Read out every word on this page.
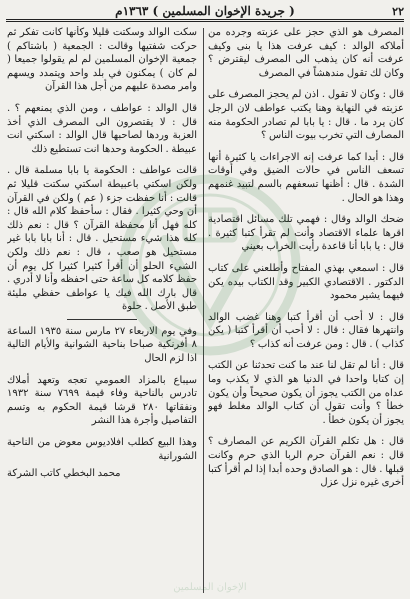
٢٢
( جريدة الإخوان المسلمين ) ١٣٦٣م

المصرف هو الذي حجز على عزبته وجرده من أملاكه الوالد : كيف عرفت هذا يا بنى وكيف عرفت أنه كان يذهب الى المصرف ليقترض ؟ وكان لك تقول مندهشاً في المصرف

قال : وكان لا تقول . اذن لم يحجز المصرف على عزبته في النهاية وهنا يكتب عواطف لان الرجل كان يرد ما . قال : يا بابا لم تصادر الحكومة منه المصارف التي تخرب بيوت الناس ؟

قال : أبدا كما عرفت إنه الاجراءات يا كثيرة أنها تسعف الناس في حالات الضيق وفي أوقات الشدة . قال : أظنها تسعفهم بالسم لتبيد غنمهم وهذا هو الحال .

ضحك الوالد وقال : فهمي تلك مسائل اقتصادية اقرها علماء الاقتصاد وأنت لم تقرأ كتبا كثيرة . قال : يا بابا أنا قاعدة رأيت الخراب بعيني

قال : اسمعي بهذي المفتاح وأطلعني على كتاب الدكتور . الاقتصادي الكبير وقد الكتاب بيده يكن فيهما يشير محمود

قال : لا أحب أن أقرأ كتبا وهنا غضب الوالد وانتهرها فقال : قال : لا أحب أن أقرأ كتبا ( يكن كذاب ) . قال : ومن عرفت أنه كذاب ؟

قال : أنا لم تقل لنا عند ما كنت تحدثنا عن الكتب إن كتابا واحدا في الدنيا هو الذي لا يكذب وما عداه من الكتب يجوز أن يكون صحيحاً وأن يكون خطأ ؟ وأنت تقول أن كتاب الوالد مغلط فهو يجوز أن يكون خطأ .

قال : هل تكلم القرآن الكريم عن المصارف ؟ قال : نعم القرآن حرم الربا الذي حرم وكانت قبلها . قال : هو الصادق وحده أبدا إذا لم أقرأ كتبا أخرى غيره نزل عزل

سكت الوالد وسكتت قليلا وكأنها كانت تفكر ثم حركت شفتيها وقالت : الجمعية ( باشتاكم ) جمعية الإخوان المسلمين لم لم يقولوا جميعا ( لم كان ) يمكنون في بلد واحد ويتمدد ويسهم وامر مصدة عليهم من أجل هذا القرآن

قال الوالد : عواطف ، ومن الذي يمنعهم ؟ . قال : لا يقتصرون الى المصرف الذي أخذ العزبة وردها لصاحبها قال الوالد : اسكتي انت عبيطة . الحكومة وحدها انت تستطيع ذلك

قالت عواطف : الحكومة يا بابا مسلمة قال . ولكن اسكتي باعبيطة اسكتي سكتت قليلا ثم قالت : أنا حفظت جزء ( عم ) ولكن في القرآن أن وحي كثيرا . فقال : سأحفظ كلام الله قال : كله فهل أنا محفظة القرآن ؟ قال : نعم ذلك كله هذا شيء مستحيل . قال : أنا بابا بابا غير مستحيل هو صعب ، قال : نعم ذلك ولكن الشيء الحلو أن أقرأ كثيرا كثيرا كل يوم أن حفظ كلامه كل ساعة حتى احفظه وأنا لا أدري . قال بارك الله فيك يا عواطف حفظي مليئة طبق الأصل . حلوة

وفي يوم الاربعاء ٢٧ مارس سنة ١٩٣٥ الساعة ٨ أفرنكية صباحا بناحية الشوانية والأيام التالية اذا لزم الحال

سيباع بالمزاد العمومي تعجه وتعهد أملاك تادرس بالناحية وفاء قيمة ٧٦٩٩ سنة ١٩٣٢ ونفقاتها ٢٨٠ قرشا قيمة الحكوم به وتسم التفاصيل وأجرة هذا النشر

وهذا البيع كطلب افلاديوس معوض من الناحية الشورانية

محمد البخطي كاتب الشركة

الإخوان المسلمين
